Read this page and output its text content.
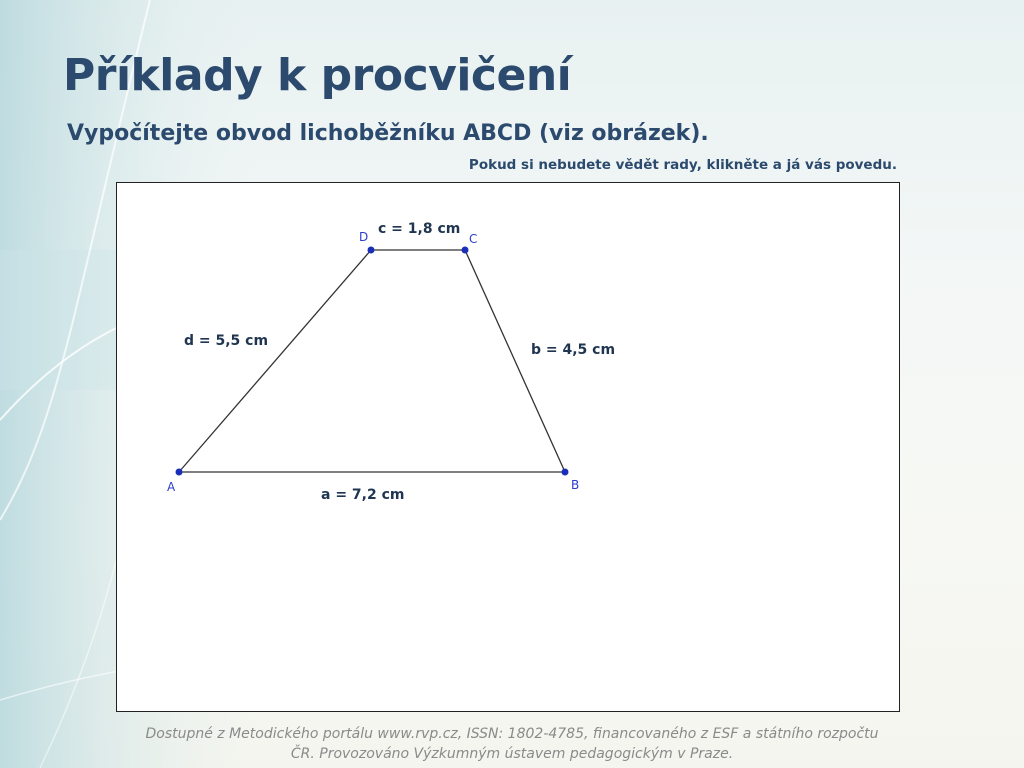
Příklady k procvičení
Vypočítejte obvod lichoběžníku ABCD (viz obrázek).
Pokud si nebudete vědět rady, klikněte a já vás povedu.
A	B
C
D
a = 7,2 cm
b = 4,5 cm
c = 1,8 cm
d = 5,5 cm
Dostupné z Metodického portálu www.rvp.cz, ISSN: 1802-4785, financovaného z ESF a státního rozpočtu
ČR. Provozováno Výzkumným ústavem pedagogickým v Praze.
